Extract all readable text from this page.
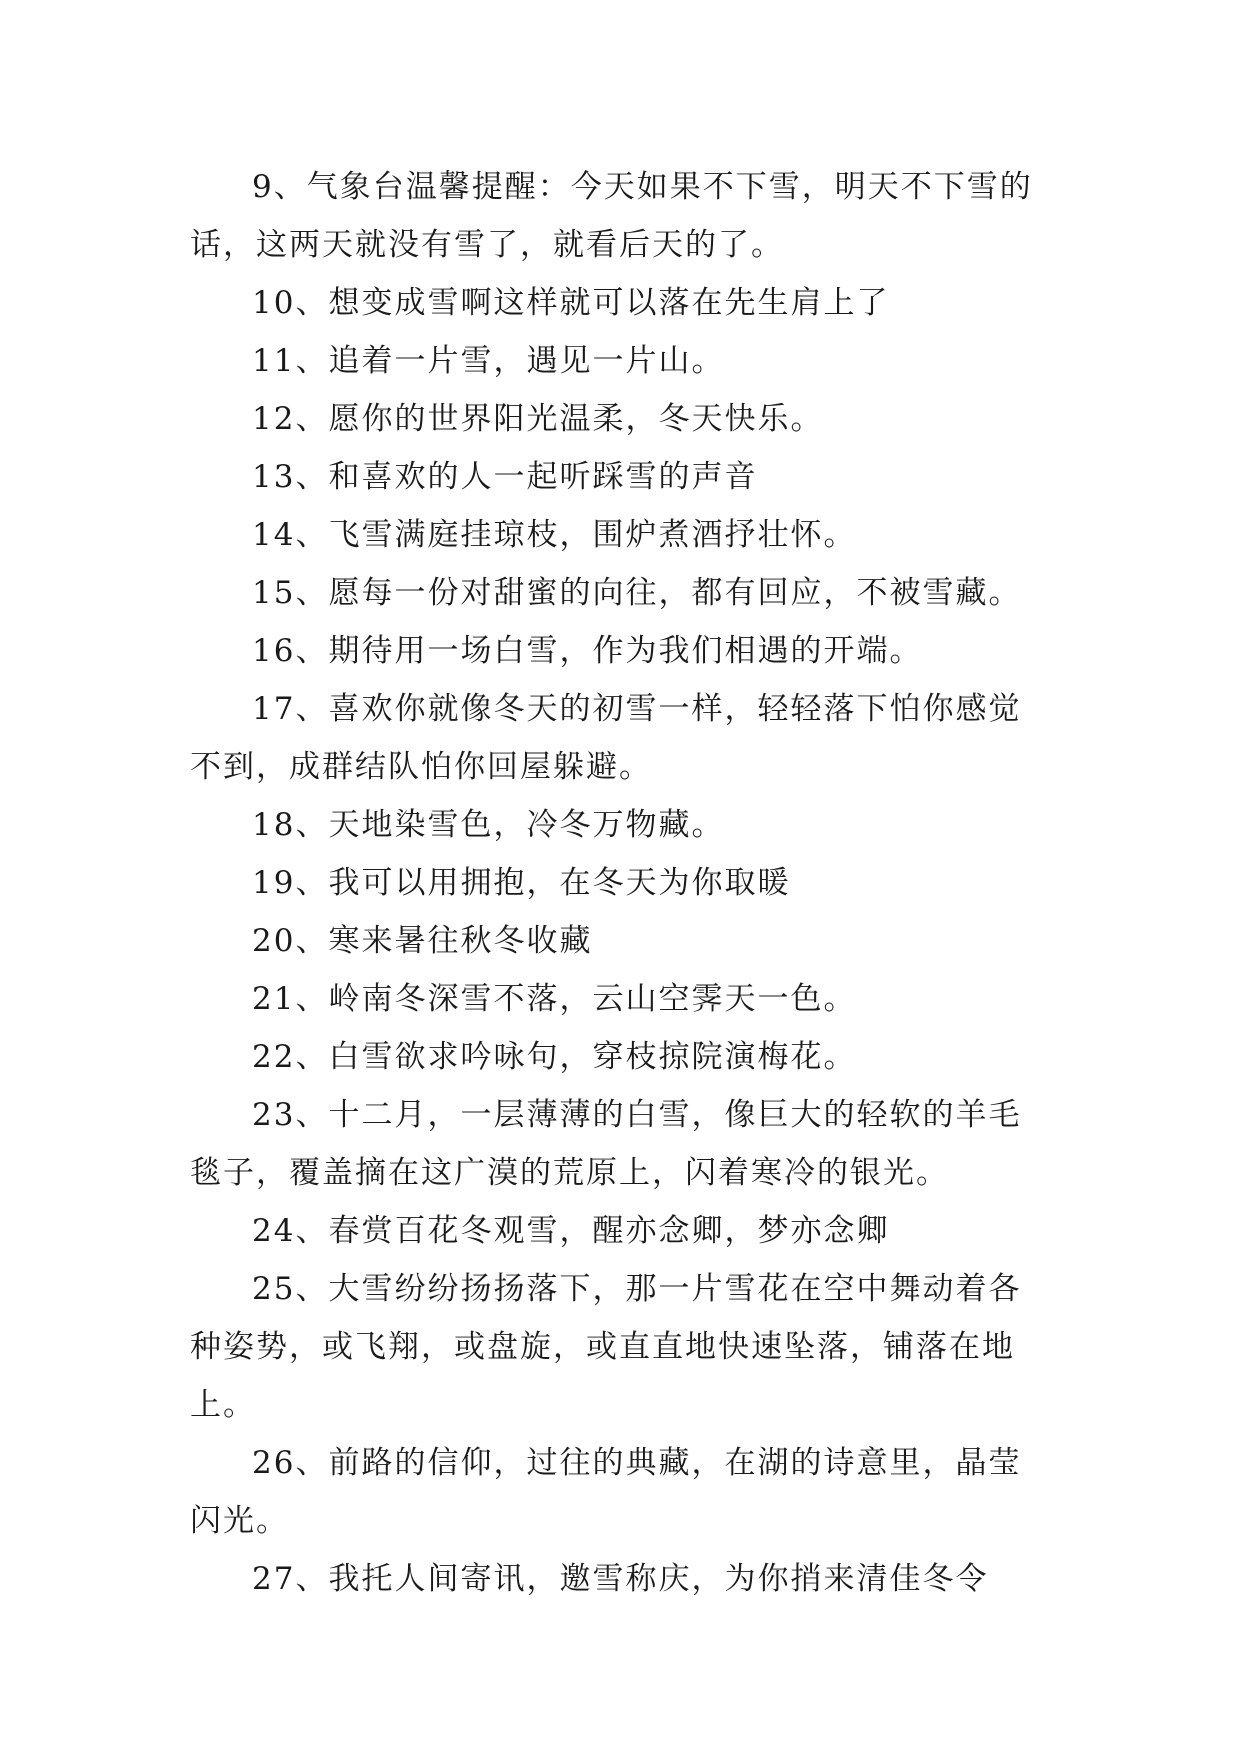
9、气象台温馨提醒：今天如果不下雪，明天不下雪的话，这两天就没有雪了，就看后天的了。

10、想变成雪啊这样就可以落在先生肩上了

11、追着一片雪，遇见一片山。

12、愿你的世界阳光温柔，冬天快乐。

13、和喜欢的人一起听踩雪的声音

14、飞雪满庭挂琼枝，围炉煮酒抒壮怀。

15、愿每一份对甜蜜的向往，都有回应，不被雪藏。

16、期待用一场白雪，作为我们相遇的开端。

17、喜欢你就像冬天的初雪一样，轻轻落下怕你感觉不到，成群结队怕你回屋躲避。

18、天地染雪色，冷冬万物藏。

19、我可以用拥抱，在冬天为你取暖

20、寒来暑往秋冬收藏

21、岭南冬深雪不落，云山空霁天一色。

22、白雪欲求吟咏句，穿枝掠院演梅花。

23、十二月，一层薄薄的白雪，像巨大的轻软的羊毛毯子，覆盖摘在这广漠的荒原上，闪着寒冷的银光。

24、春赏百花冬观雪，醒亦念卿，梦亦念卿

25、大雪纷纷扬扬落下，那一片雪花在空中舞动着各种姿势，或飞翔，或盘旋，或直直地快速坠落，铺落在地上。

26、前路的信仰，过往的典藏，在湖的诗意里，晶莹闪光。

27、我托人间寄讯，邀雪称庆，为你捎来清佳冬令
